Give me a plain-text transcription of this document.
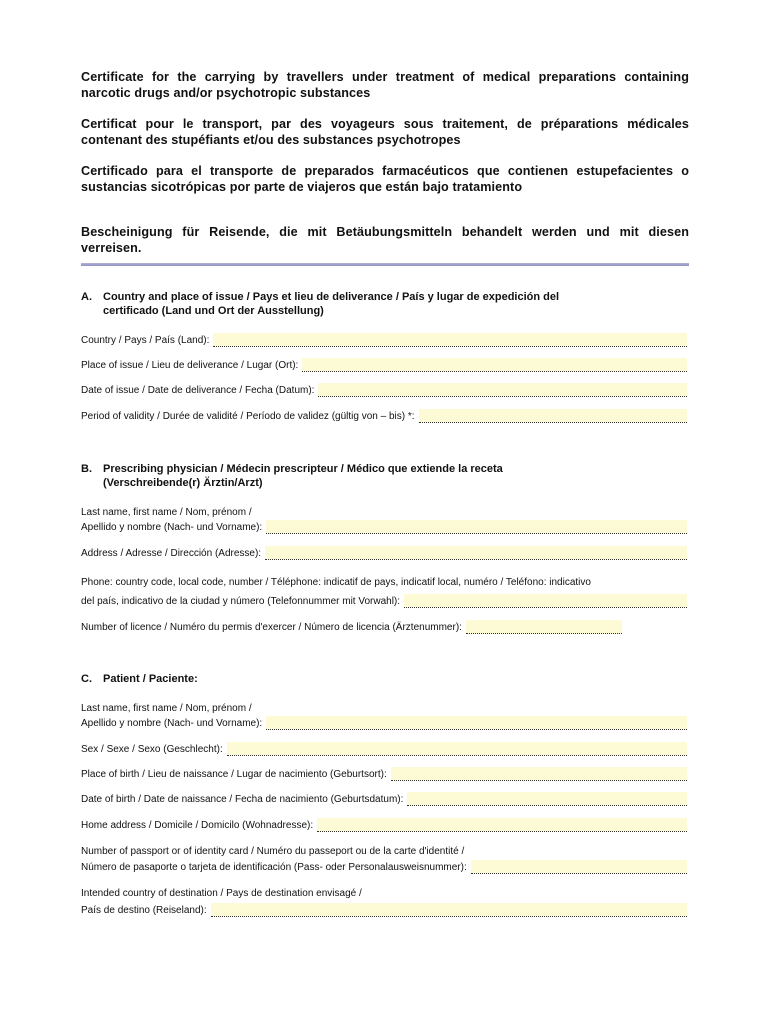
Certificate for the carrying by travellers under treatment of medical preparations containing narcotic drugs and/or psychotropic substances

Certificat pour le transport, par des voyageurs sous traitement, de préparations médicales contenant des stupéfiants et/ou des substances psychotropes

Certificado para el transporte de preparados farmacéuticos que contienen estupefacientes o sustancias sicotrópicas por parte de viajeros que están bajo tratamiento

Bescheinigung für Reisende, die mit Betäubungsmitteln behandelt werden und mit diesen verreisen.

A. Country and place of issue / Pays et lieu de deliverance / País y lugar de expedición del
certificado (Land und Ort der Ausstellung)
Country / Pays / País (Land):
Place of issue / Lieu de deliverance / Lugar (Ort):
Date of issue / Date de deliverance / Fecha (Datum):
Period of validity / Durée de validité / Período de validez (gültig von – bis) *:
B. Prescribing physician / Médecin prescripteur / Médico que extiende la receta
(Verschreibende(r) Ärztin/Arzt)
Last name, first name / Nom, prénom /
Apellido y nombre (Nach- und Vorname):
Address / Adresse / Dirección (Adresse):
Phone: country code, local code, number / Téléphone: indicatif de pays, indicatif local, numéro / Teléfono: indicativo
del país, indicativo de la ciudad y número (Telefonnummer mit Vorwahl):
Number of licence / Numéro du permis d'exercer / Número de licencia (Ärztenummer):
C. Patient / Paciente:
Last name, first name / Nom, prénom /
Apellido y nombre (Nach- und Vorname):
Sex / Sexe / Sexo (Geschlecht):
Place of birth / Lieu de naissance / Lugar de nacimiento (Geburtsort):
Date of birth / Date de naissance / Fecha de nacimiento (Geburtsdatum):
Home address / Domicile / Domicilo (Wohnadresse):
Number of passport or of identity card / Numéro du passeport ou de la carte d'identité /
Número de pasaporte o tarjeta de identificación (Pass- oder Personalausweisnummer):
Intended country of destination / Pays de destination envisagé /
País de destino (Reiseland):
